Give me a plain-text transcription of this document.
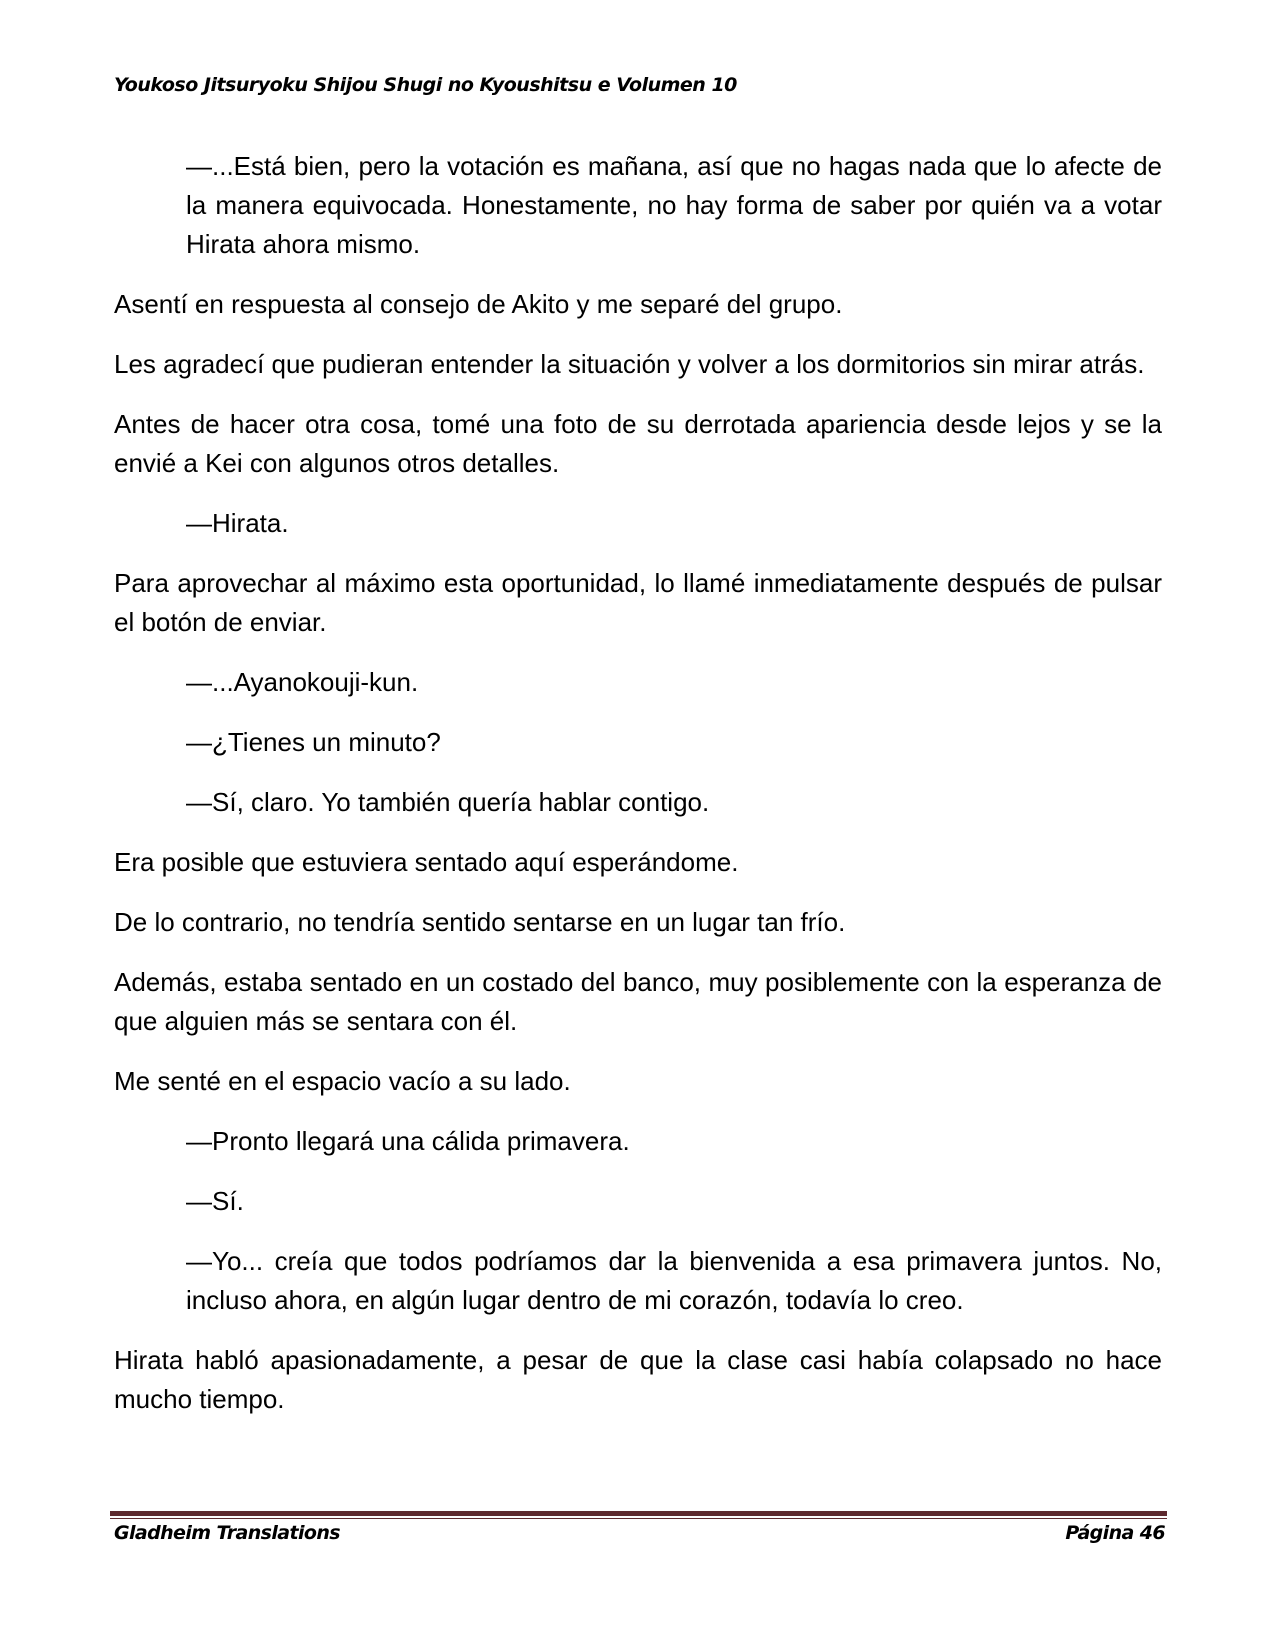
Youkoso Jitsuryoku Shijou Shugi no Kyoushitsu e Volumen 10

—...Está bien, pero la votación es mañana, así que no hagas nada que lo afecte de la manera equivocada. Honestamente, no hay forma de saber por quién va a votar Hirata ahora mismo.

Asentí en respuesta al consejo de Akito y me separé del grupo.

Les agradecí que pudieran entender la situación y volver a los dormitorios sin mirar atrás.

Antes de hacer otra cosa, tomé una foto de su derrotada apariencia desde lejos y se la envié a Kei con algunos otros detalles.

—Hirata.

Para aprovechar al máximo esta oportunidad, lo llamé inmediatamente después de pulsar el botón de enviar.

—...Ayanokouji-kun.

—¿Tienes un minuto?

—Sí, claro. Yo también quería hablar contigo.

Era posible que estuviera sentado aquí esperándome.

De lo contrario, no tendría sentido sentarse en un lugar tan frío.

Además, estaba sentado en un costado del banco, muy posiblemente con la esperanza de que alguien más se sentara con él.

Me senté en el espacio vacío a su lado.

—Pronto llegará una cálida primavera.

—Sí.

—Yo... creía que todos podríamos dar la bienvenida a esa primavera juntos. No, incluso ahora, en algún lugar dentro de mi corazón, todavía lo creo.

Hirata habló apasionadamente, a pesar de que la clase casi había colapsado no hace mucho tiempo.

Gladheim Translations	Página 46
